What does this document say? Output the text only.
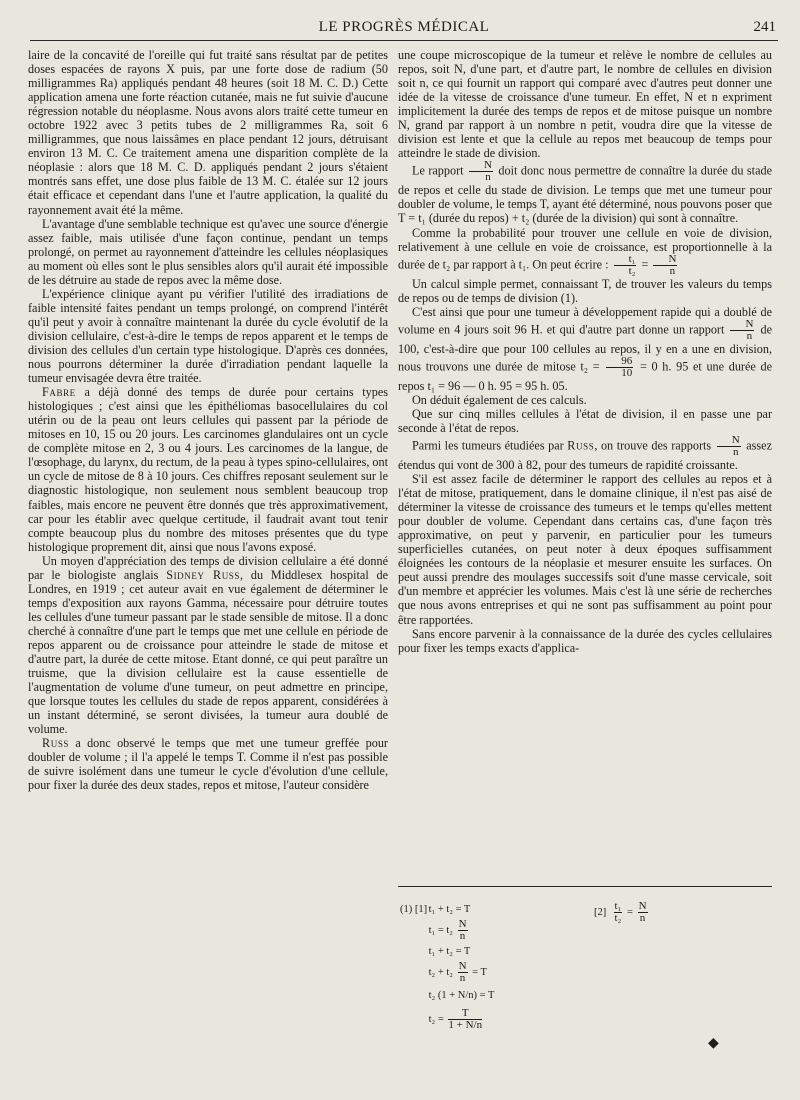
LE PROGRÈS MÉDICAL	241

laire de la concavité de l'oreille qui fut traité sans résultat par de petites doses espacées de rayons X puis, par une forte dose de radium (50 milligrammes Ra) appliqués pendant 48 heures (soit 18 M. C. D.) Cette application amena une forte réaction cutanée, mais ne fut suivie d'aucune régression notable du néoplasme. Nous avons alors traité cette tumeur en octobre 1922 avec 3 petits tubes de 2 milligrammes Ra, soit 6 milligrammes, que nous laissâmes en place pendant 12 jours, détruisant environ 13 M. C. Ce traitement amena une disparition complète de la néoplasie : alors que 18 M. C. D. appliqués pendant 2 jours s'étaient montrés sans effet, une dose plus faible de 13 M. C. étalée sur 12 jours était efficace et cependant dans l'une et l'autre application, la qualité du rayonnement avait été la même.

L'avantage d'une semblable technique est qu'avec une source d'énergie assez faible, mais utilisée d'une façon continue, pendant un temps prolongé, on permet au rayonnement d'atteindre les cellules néoplasiques au moment où elles sont le plus sensibles alors qu'il aurait été impossible de les détruire au stade de repos avec la même dose.

L'expérience clinique ayant pu vérifier l'utilité des irradiations de faible intensité faites pendant un temps prolongé, on comprend l'intérêt qu'il peut y avoir à connaître maintenant la durée du cycle évolutif de la division cellulaire, c'est-à-dire le temps de repos apparent et le temps de division des cellules d'un certain type histologique. D'après ces données, nous pourrons déterminer la durée d'irradiation pendant laquelle la tumeur envisagée devra être traitée.

Fabre a déjà donné des temps de durée pour certains types histologiques ; c'est ainsi que les épithéliomas basocellulaires du col utérin ou de la peau ont leurs cellules qui passent par la période de mitoses en 10, 15 ou 20 jours. Les carcinomes glandulaires ont un cycle de complète mitose en 2, 3 ou 4 jours. Les carcinomes de la langue, de l'œsophage, du larynx, du rectum, de la peau à types spino-cellulaires, ont un cycle de mitose de 8 à 10 jours. Ces chiffres reposant seulement sur le diagnostic histologique, non seulement nous semblent beaucoup trop faibles, mais encore ne peuvent être donnés que très approximativement, car pour les établir avec quelque certitude, il faudrait avant tout tenir compte beaucoup plus du nombre des mitoses présentes que du type histologique proprement dit, ainsi que nous l'avons exposé.

Un moyen d'appréciation des temps de division cellulaire a été donné par le biologiste anglais Sidney Russ, du Middlesex hospital de Londres, en 1919 ; cet auteur avait en vue également de déterminer le temps d'exposition aux rayons Gamma, nécessaire pour détruire toutes les cellules d'une tumeur passant par le stade sensible de mitose. Il a donc cherché à connaître d'une part le temps que met une cellule en période de repos apparent ou de croissance pour atteindre le stade de mitose et d'autre part, la durée de cette mitose. Etant donné, ce qui peut paraître un truisme, que la division cellulaire est la cause essentielle de l'augmentation de volume d'une tumeur, on peut admettre en principe, que lorsque toutes les cellules du stade de repos apparent, considérées à un instant déterminé, se seront divisées, la tumeur aura doublé de volume.

Russ a donc observé le temps que met une tumeur greffée pour doubler de volume ; il l'a appelé le temps T. Comme il n'est pas possible de suivre isolément dans une tumeur le cycle d'évolution d'une cellule, pour fixer la durée des deux stades, repos et mitose, l'auteur considère

une coupe microscopique de la tumeur et relève le nombre de cellules au repos, soit N, d'une part, et d'autre part, le nombre de cellules en division soit n, ce qui fournit un rapport qui comparé avec d'autres peut donner une idée de la vitesse de croissance d'une tumeur. En effet, N et n expriment implicitement la durée des temps de repos et de mitose puisque un nombre N, grand par rapport à un nombre n petit, voudra dire que la vitesse de division est lente et que la cellule au repos met beaucoup de temps pour atteindre le stade de division.

Le rapport $\frac{N}{n}$ doit donc nous permettre de connaître la durée du stade de repos et celle du stade de division. Le temps que met une tumeur pour doubler de volume, le temps T, ayant été déterminé, nous pouvons poser que T = t₁ (durée du repos) + t₂ (durée de la division) qui sont à connaître.

Comme la probabilité pour trouver une cellule en voie de division, relativement à une cellule en voie de croissance, est proportionnelle à la durée de t₂ par rapport à t₁. On peut écrire : $\frac{\text{t₁}}{\text{t₂}} = \frac{N}{n}$

Un calcul simple permet, connaissant T, de trouver les valeurs du temps de repos ou de temps de division (1).

C'est ainsi que pour une tumeur à développement rapide qui a doublé de volume en 4 jours soit 96 H. et qui d'autre part donne un rapport $\frac{N}{n}$ de 100, c'est-à-dire que pour 100 cellules au repos, il y en a une en division, nous trouvons une durée de mitose $t_2 = \frac{96}{10} = 0$ h. 95 et une durée de repos t₁ = 96 — 0 h. 95 = 95 h. 05.

On déduit également de ces calculs.

Que sur cinq milles cellules à l'état de division, il en passe une par seconde à l'état de repos.

Parmi les tumeurs étudiées par Russ, on trouve des rapports $\frac{N}{n}$ assez étendus qui vont de 300 à 82, pour des tumeurs de rapidité croissante.

S'il est assez facile de déterminer le rapport des cellules au repos et à l'état de mitose, pratiquement, dans le domaine clinique, il n'est pas aisé de déterminer la vitesse de croissance des tumeurs et le temps qu'elles mettent pour doubler de volume. Cependant dans certains cas, d'une façon très approximative, on peut y parvenir, en particulier pour les tumeurs superficielles cutanées, on peut noter à deux époques suffisamment éloignées les contours de la néoplasie et mesurer ensuite les surfaces. On peut aussi prendre des moulages successifs soit d'une masse cervicale, soit d'un membre et apprécier les volumes. Mais c'est là une série de recherches que nous avons entreprises et qui ne sont pas suffisamment au point pour être rapportées.

Sans encore parvenir à la connaissance de la durée des cycles cellulaires pour fixer les temps exacts d'applica-

(1) [1] t₁ + t₂ = T
$t_1 = t_2 \frac{N}{n}$
t₁ + t₂ = T
$t_2 + t_2 \frac{N}{n} = T$
t₂ (1 + N/n) = T
$t_2 = \frac{T}{1 + N/n}$
$[2] \frac{\text{t₁}}{\text{t₂}} = \frac{N}{n}$
◆
